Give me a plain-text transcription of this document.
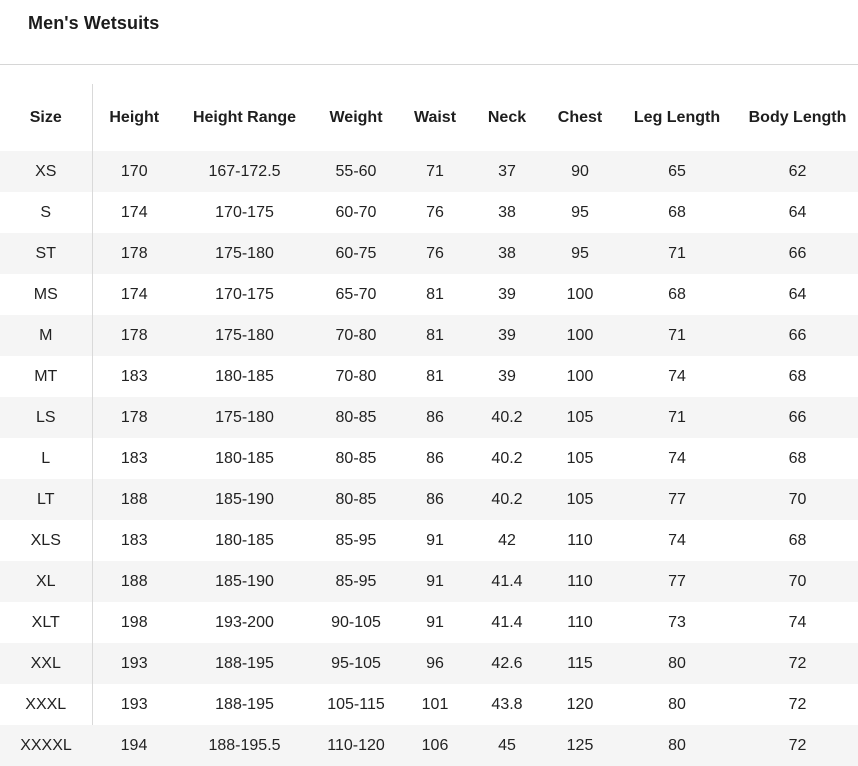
Men's Wetsuits
Size	Height	Height Range	Weight	Waist	Neck	Chest	Leg Length	Body Length
XS	170	167-172.5	55-60	71	37	90	65	62
S	174	170-175	60-70	76	38	95	68	64
ST	178	175-180	60-75	76	38	95	71	66
MS	174	170-175	65-70	81	39	100	68	64
M	178	175-180	70-80	81	39	100	71	66
MT	183	180-185	70-80	81	39	100	74	68
LS	178	175-180	80-85	86	40.2	105	71	66
L	183	180-185	80-85	86	40.2	105	74	68
LT	188	185-190	80-85	86	40.2	105	77	70
XLS	183	180-185	85-95	91	42	110	74	68
XL	188	185-190	85-95	91	41.4	110	77	70
XLT	198	193-200	90-105	91	41.4	110	73	74
XXL	193	188-195	95-105	96	42.6	115	80	72
XXXL	193	188-195	105-115	101	43.8	120	80	72
XXXXL	194	188-195.5	110-120	106	45	125	80	72
